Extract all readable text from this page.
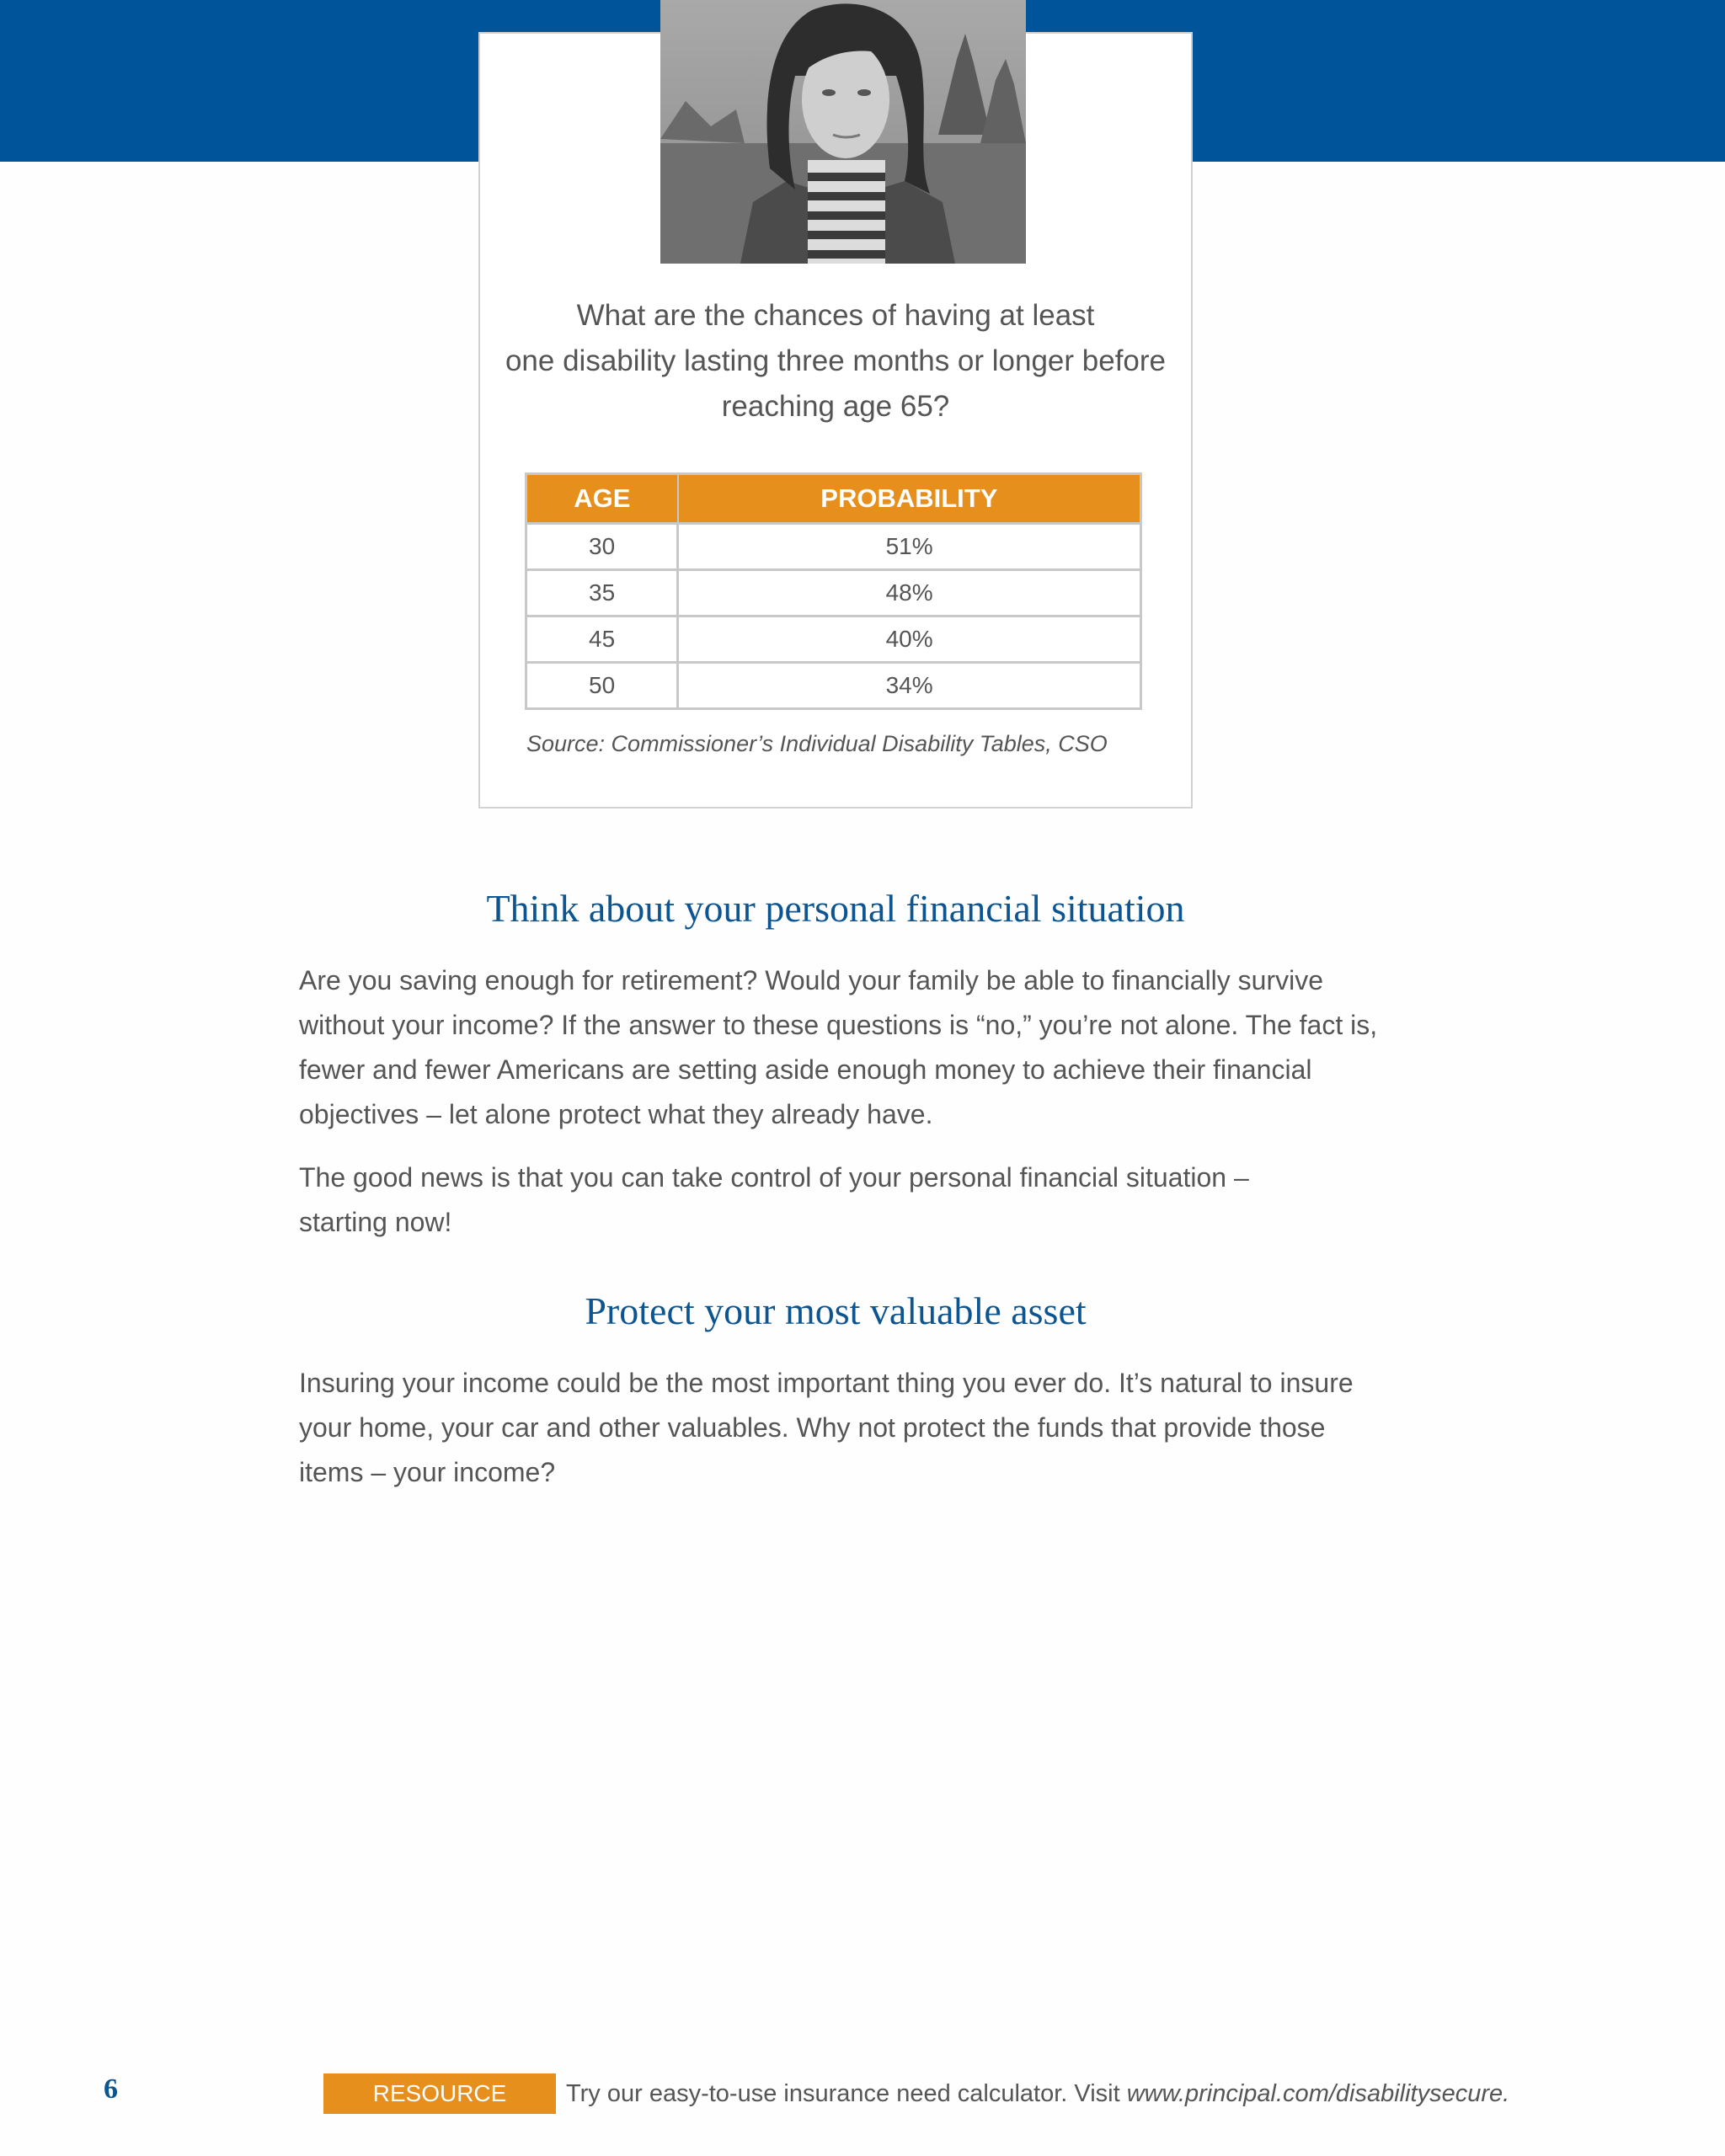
What are the chances of having at least
one disability lasting three months or longer before
reaching age 65?
AGE	PROBABILITY
30	51%
35	48%
45	40%
50	34%
Source: Commissioner’s Individual Disability Tables, CSO
Think about your personal financial situation

Are you saving enough for retirement? Would your family be able to financially survive
without your income? If the answer to these questions is “no,” you’re not alone. The fact is,
fewer and fewer Americans are setting aside enough money to achieve their financial
objectives – let alone protect what they already have.

The good news is that you can take control of your personal financial situation –
starting now!

Protect your most valuable asset

Insuring your income could be the most important thing you ever do. It’s natural to insure
your home, your car and other valuables. Why not protect the funds that provide those
items – your income?

6	RESOURCE	Try our easy-to-use insurance need calculator. Visit www.principal.com/disabilitysecure.
